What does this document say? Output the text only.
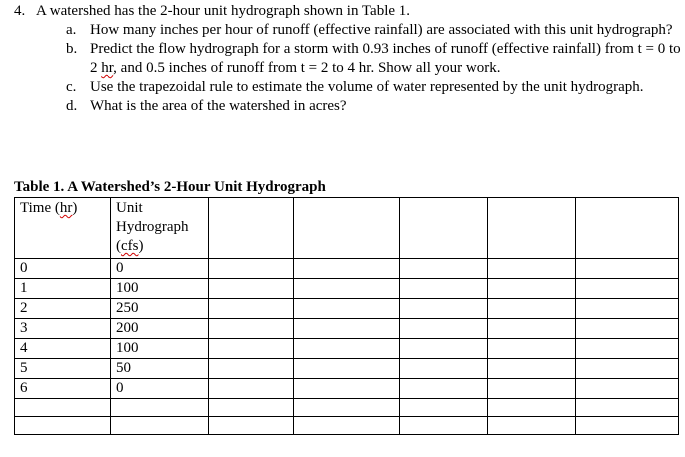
4. A watershed has the 2-hour unit hydrograph shown in Table 1.
a. How many inches per hour of runoff (effective rainfall) are associated with this unit hydrograph?
b. Predict the flow hydrograph for a storm with 0.93 inches of runoff (effective rainfall) from t = 0 to 2 hr, and 0.5 inches of runoff from t = 2 to 4 hr. Show all your work.
c. Use the trapezoidal rule to estimate the volume of water represented by the unit hydrograph.
d. What is the area of the watershed in acres?
Table 1. A Watershed’s 2-Hour Unit Hydrograph
Time (hr)	Unit
Hydrograph
(cfs)					

0	0					
1	100					
2	250					
3	200					
4	100					
5	50					
6	0					
